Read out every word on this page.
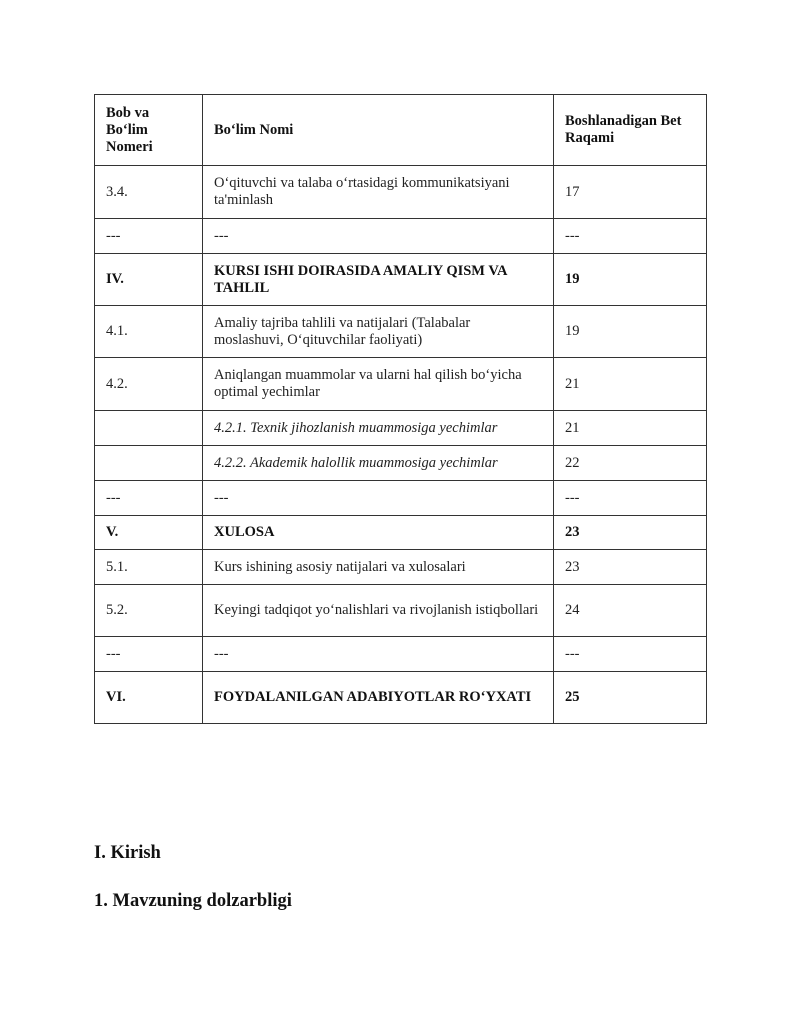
Bob va Bo‘lim Nomeri	Bo‘lim Nomi	Boshlanadigan Bet Raqami
3.4.	O‘qituvchi va talaba o‘rtasidagi kommunikatsiyani ta'minlash	17
---	---	---
IV.	KURSI ISHI DOIRASIDA AMALIY QISM VA TAHLIL	19
4.1.	Amaliy tajriba tahlili va natijalari (Talabalar moslashuvi, O‘qituvchilar faoliyati)	19
4.2.	Aniqlangan muammolar va ularni hal qilish bo‘yicha optimal yechimlar	21
	4.2.1. Texnik jihozlanish muammosiga yechimlar	21
	4.2.2. Akademik halollik muammosiga yechimlar	22
---	---	---
V.	XULOSA	23
5.1.	Kurs ishining asosiy natijalari va xulosalari	23
5.2.	Keyingi tadqiqot yo‘nalishlari va rivojlanish istiqbollari	24
---	---	---
VI.	FOYDALANILGAN ADABIYOTLAR RO‘YXATI	25
I. Kirish
1. Mavzuning dolzarbligi
